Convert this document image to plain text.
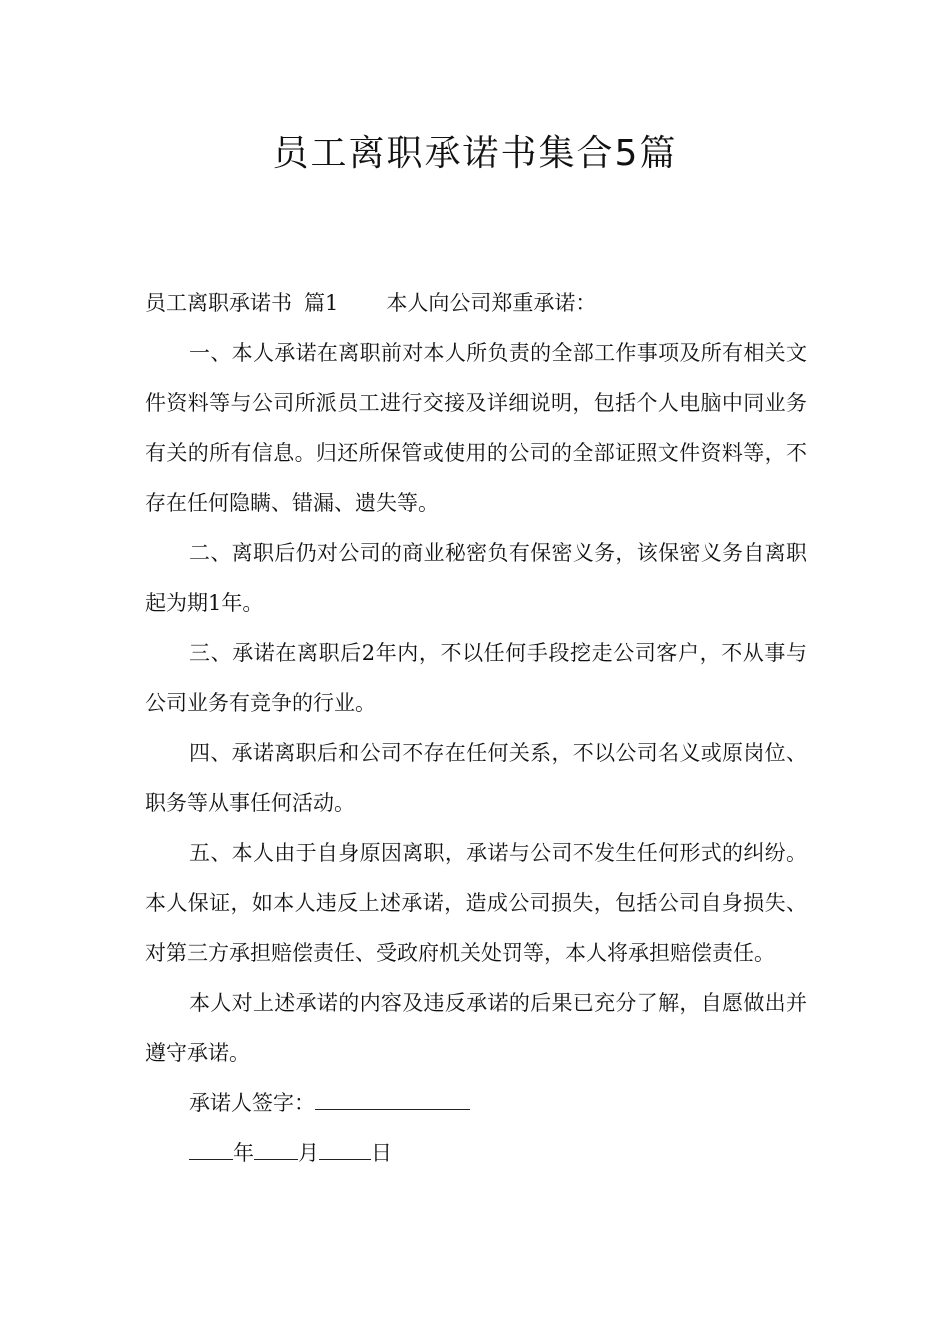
员工离职承诺书集合5篇

员工离职承诺书 篇1 本人向公司郑重承诺：

一、本人承诺在离职前对本人所负责的全部工作事项及所有相关文件资料等与公司所派员工进行交接及详细说明，包括个人电脑中同业务有关的所有信息。归还所保管或使用的公司的全部证照文件资料等，不存在任何隐瞒、错漏、遗失等。

二、离职后仍对公司的商业秘密负有保密义务，该保密义务自离职起为期1年。

三、承诺在离职后2年内，不以任何手段挖走公司客户，不从事与公司业务有竞争的行业。

四、承诺离职后和公司不存在任何关系，不以公司名义或原岗位、职务等从事任何活动。

五、本人由于自身原因离职，承诺与公司不发生任何形式的纠纷。 本人保证，如本人违反上述承诺，造成公司损失，包括公司自身损失、对第三方承担赔偿责任、受政府机关处罚等，本人将承担赔偿责任。

本人对上述承诺的内容及违反承诺的后果已充分了解，自愿做出并遵守承诺。

承诺人签字：

年 月 日
